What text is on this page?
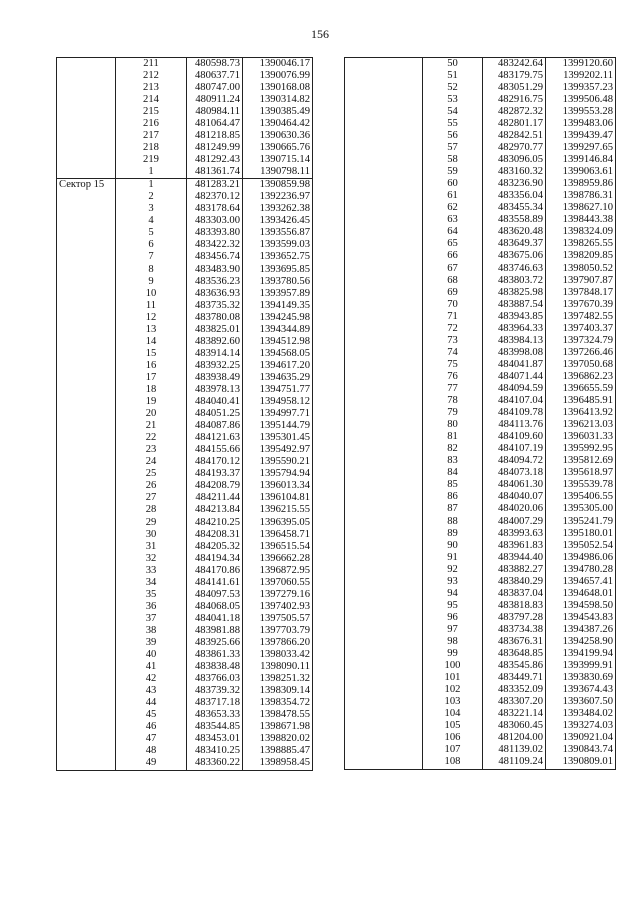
156
	211	480598.73	1390046.17
	212	480637.71	1390076.99
	213	480747.00	1390168.08
	214	480911.24	1390314.82
	215	480984.11	1390385.49
	216	481064.47	1390464.42
	217	481218.85	1390630.36
	218	481249.99	1390665.76
	219	481292.43	1390715.14
	1	481361.74	1390798.11
Сектор 15	1	481283.21	1390859.98
	2	482370.12	1392236.97
	3	483178.64	1393262.38
	4	483303.00	1393426.45
	5	483393.80	1393556.87
	6	483422.32	1393599.03
	7	483456.74	1393652.75
	8	483483.90	1393695.85
	9	483536.23	1393780.56
	10	483636.93	1393957.89
	11	483735.32	1394149.35
	12	483780.08	1394245.98
	13	483825.01	1394344.89
	14	483892.60	1394512.98
	15	483914.14	1394568.05
	16	483932.25	1394617.20
	17	483938.49	1394635.29
	18	483978.13	1394751.77
	19	484040.41	1394958.12
	20	484051.25	1394997.71
	21	484087.86	1395144.79
	22	484121.63	1395301.45
	23	484155.66	1395492.97
	24	484170.12	1395590.21
	25	484193.37	1395794.94
	26	484208.79	1396013.34
	27	484211.44	1396104.81
	28	484213.84	1396215.55
	29	484210.25	1396395.05
	30	484208.31	1396458.71
	31	484205.32	1396515.54
	32	484194.34	1396662.28
	33	484170.86	1396872.95
	34	484141.61	1397060.55
	35	484097.53	1397279.16
	36	484068.05	1397402.93
	37	484041.18	1397505.57
	38	483981.88	1397703.79
	39	483925.66	1397866.20
	40	483861.33	1398033.42
	41	483838.48	1398090.11
	42	483766.03	1398251.32
	43	483739.32	1398309.14
	44	483717.18	1398354.72
	45	483653.33	1398478.55
	46	483544.85	1398671.98
	47	483453.01	1398820.02
	48	483410.25	1398885.47
	49	483360.22	1398958.45
	50	483242.64	1399120.60
	51	483179.75	1399202.11
	52	483051.29	1399357.23
	53	482916.75	1399506.48
	54	482872.32	1399553.28
	55	482801.17	1399483.06
	56	482842.51	1399439.47
	57	482970.77	1399297.65
	58	483096.05	1399146.84
	59	483160.32	1399063.61
	60	483236.90	1398959.86
	61	483356.04	1398786.31
	62	483455.34	1398627.10
	63	483558.89	1398443.38
	64	483620.48	1398324.09
	65	483649.37	1398265.55
	66	483675.06	1398209.85
	67	483746.63	1398050.52
	68	483803.72	1397907.87
	69	483825.98	1397848.17
	70	483887.54	1397670.39
	71	483943.85	1397482.55
	72	483964.33	1397403.37
	73	483984.13	1397324.79
	74	483998.08	1397266.46
	75	484041.87	1397050.68
	76	484071.44	1396862.23
	77	484094.59	1396655.59
	78	484107.04	1396485.91
	79	484109.78	1396413.92
	80	484113.76	1396213.03
	81	484109.60	1396031.33
	82	484107.19	1395992.95
	83	484094.72	1395812.69
	84	484073.18	1395618.97
	85	484061.30	1395539.78
	86	484040.07	1395406.55
	87	484020.06	1395305.00
	88	484007.29	1395241.79
	89	483993.63	1395180.01
	90	483961.83	1395052.54
	91	483944.40	1394986.06
	92	483882.27	1394780.28
	93	483840.29	1394657.41
	94	483837.04	1394648.01
	95	483818.83	1394598.50
	96	483797.28	1394543.83
	97	483734.38	1394387.26
	98	483676.31	1394258.90
	99	483648.85	1394199.94
	100	483545.86	1393999.91
	101	483449.71	1393830.69
	102	483352.09	1393674.43
	103	483307.20	1393607.50
	104	483221.14	1393484.02
	105	483060.45	1393274.03
	106	481204.00	1390921.04
	107	481139.02	1390843.74
	108	481109.24	1390809.01
